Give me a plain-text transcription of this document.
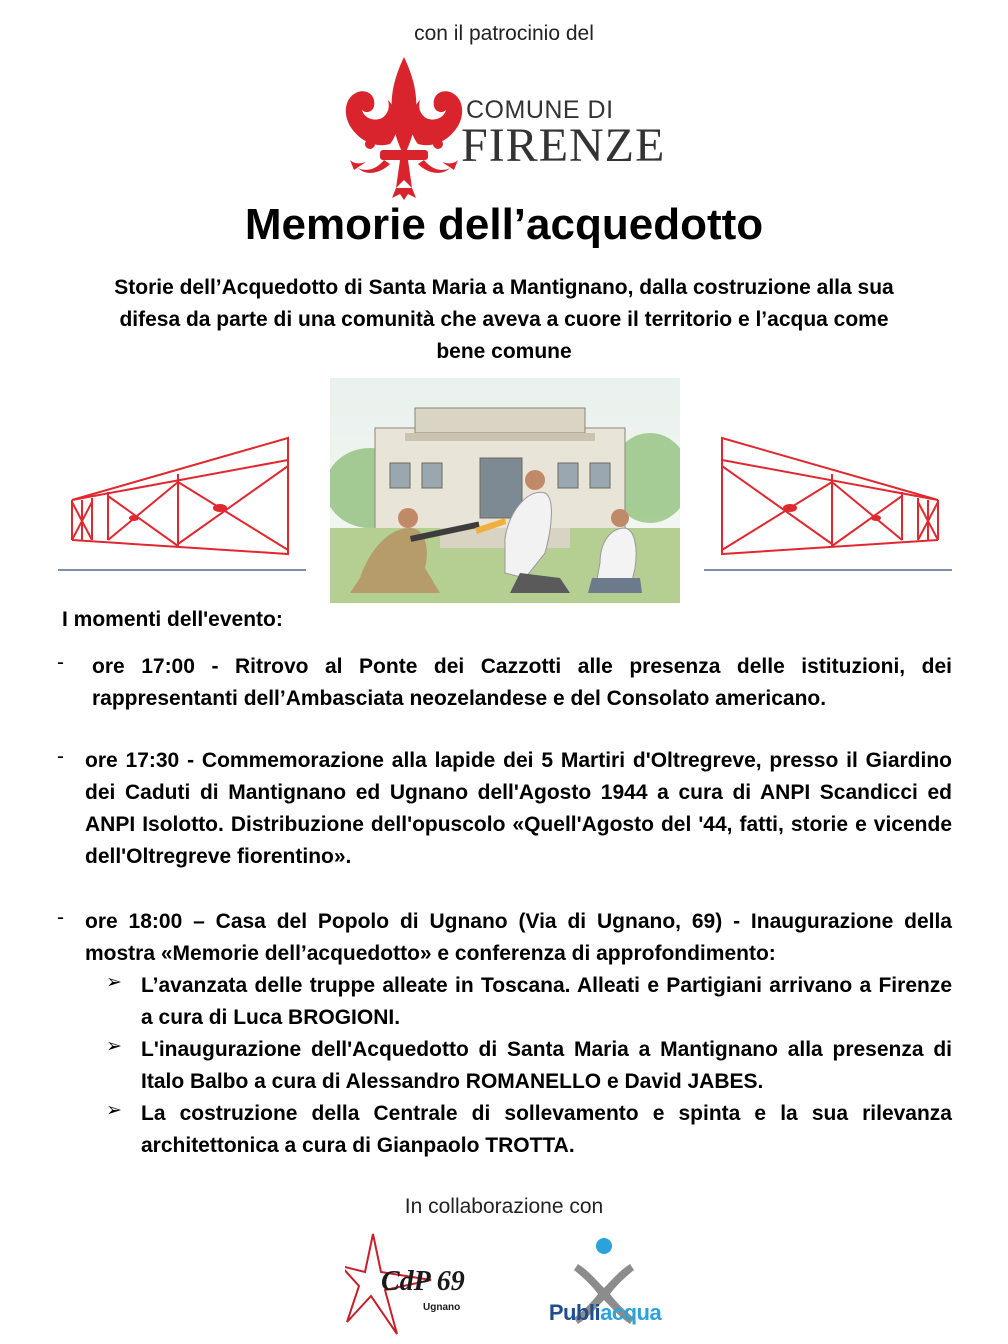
con il patrocinio del
COMUNE DI
FIRENZE
Memorie dell’acquedotto
Storie dell’Acquedotto di Santa Maria a Mantignano, dalla costruzione alla sua difesa da parte di una comunità che aveva a cuore il territorio e l’acqua come bene comune
I momenti dell'evento:
- ore 17:00 - Ritrovo al Ponte dei Cazzotti alle presenza delle istituzioni, dei rappresentanti dell’Ambasciata neozelandese e del Consolato americano.
- ore 17:30 - Commemorazione alla lapide dei 5 Martiri d'Oltregreve, presso il Giardino dei Caduti di Mantignano ed Ugnano dell'Agosto 1944 a cura di ANPI Scandicci ed ANPI Isolotto. Distribuzione dell'opuscolo «Quell'Agosto del '44, fatti, storie e vicende dell'Oltregreve fiorentino».
- ore 18:00 – Casa del Popolo di Ugnano (Via di Ugnano, 69) - Inaugurazione della mostra «Memorie dell’acquedotto» e conferenza di approfondimento:
➢ L’avanzata delle truppe alleate in Toscana. Alleati e Partigiani arrivano a Firenze a cura di Luca BROGIONI.
➢ L'inaugurazione dell'Acquedotto di Santa Maria a Mantignano alla presenza di Italo Balbo a cura di Alessandro ROMANELLO e David JABES.
➢ La costruzione della Centrale di sollevamento e spinta e la sua rilevanza architettonica a cura di Gianpaolo TROTTA.
In collaborazione con
CdP 69
Ugnano	Publiacqua
